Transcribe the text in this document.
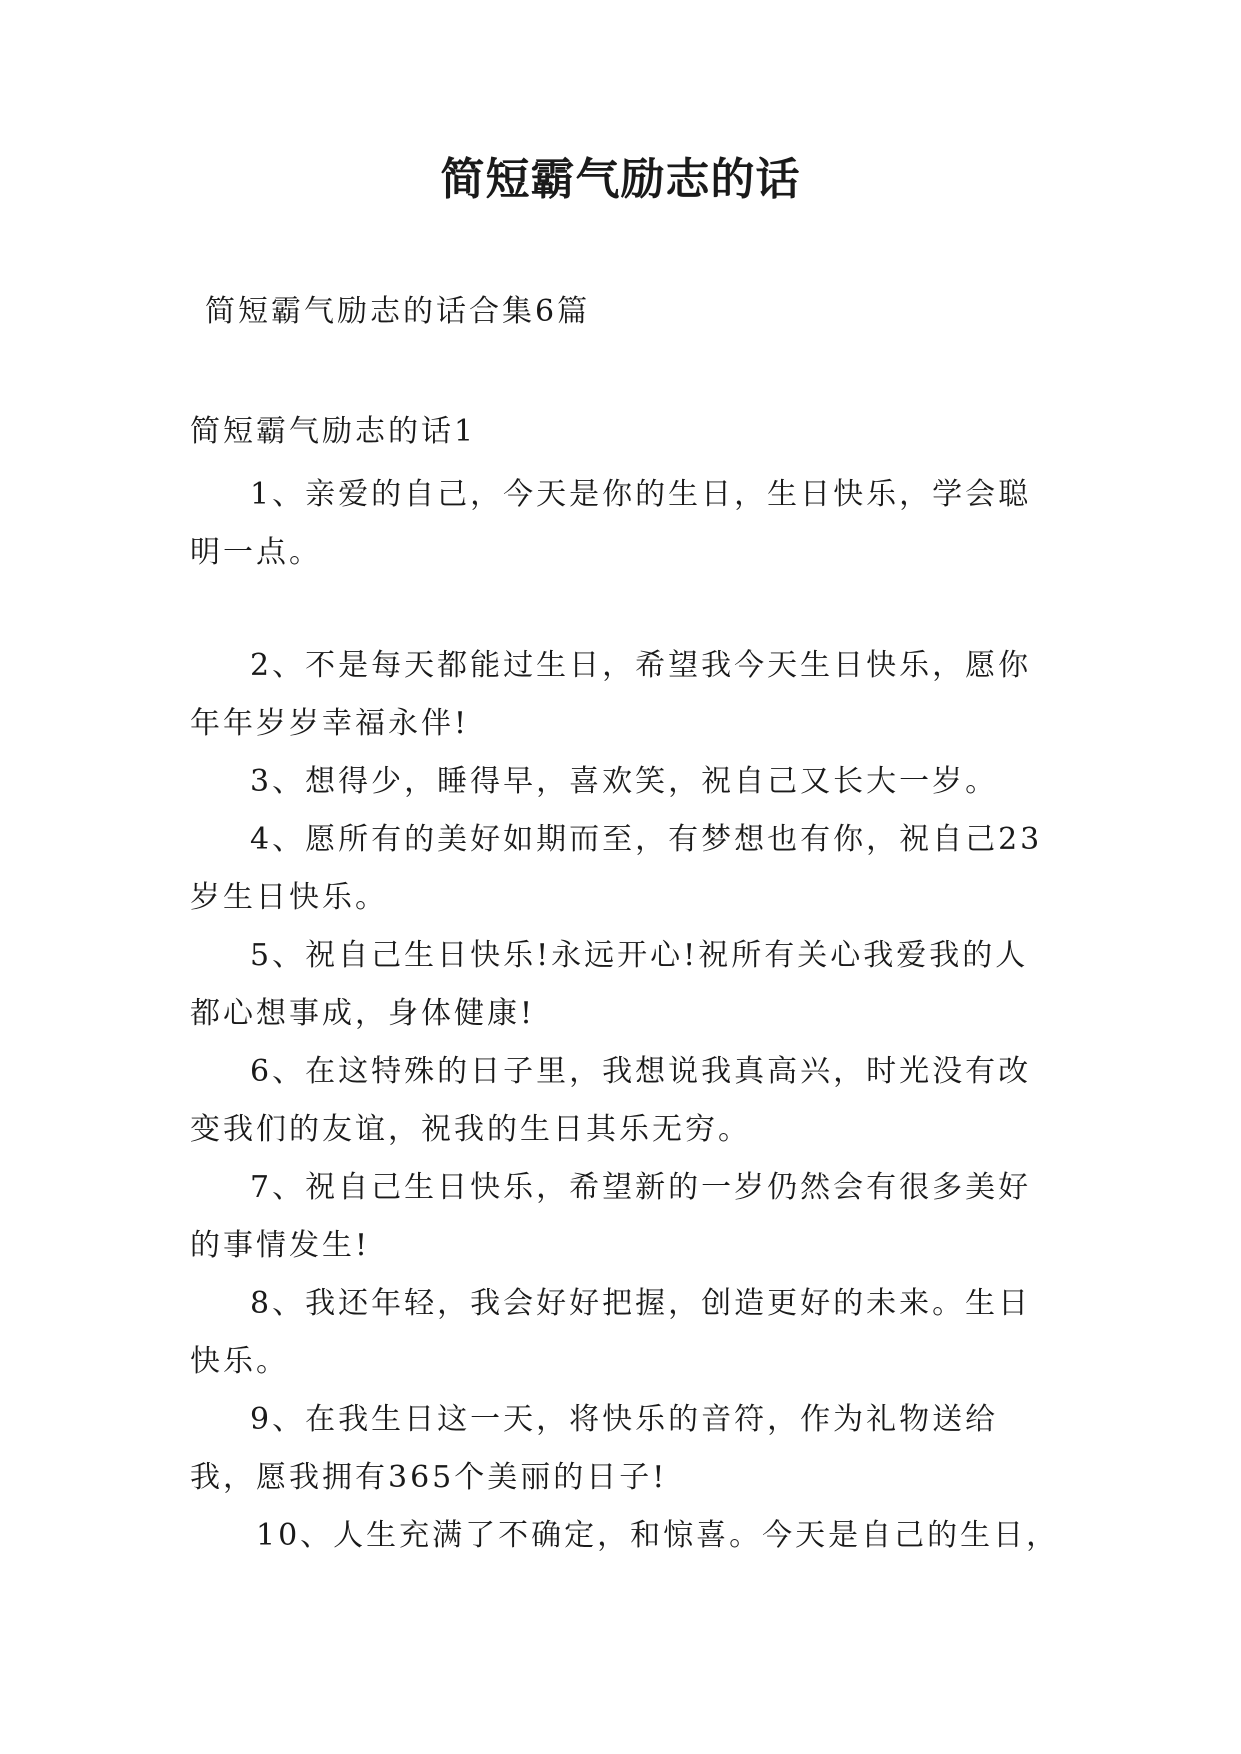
简短霸气励志的话
简短霸气励志的话合集6篇
简短霸气励志的话1

1、亲爱的自己，今天是你的生日，生日快乐，学会聪明一点。

2、不是每天都能过生日，希望我今天生日快乐，愿你年年岁岁幸福永伴!

3、想得少，睡得早，喜欢笑，祝自己又长大一岁。

4、愿所有的美好如期而至，有梦想也有你，祝自己23岁生日快乐。

5、祝自己生日快乐!永远开心!祝所有关心我爱我的人都心想事成，身体健康!

6、在这特殊的日子里，我想说我真高兴，时光没有改变我们的友谊，祝我的生日其乐无穷。

7、祝自己生日快乐，希望新的一岁仍然会有很多美好的事情发生!

8、我还年轻，我会好好把握，创造更好的未来。生日快乐。

9、在我生日这一天，将快乐的音符，作为礼物送给我，愿我拥有365个美丽的日子!

10、人生充满了不确定，和惊喜。今天是自己的生日，
